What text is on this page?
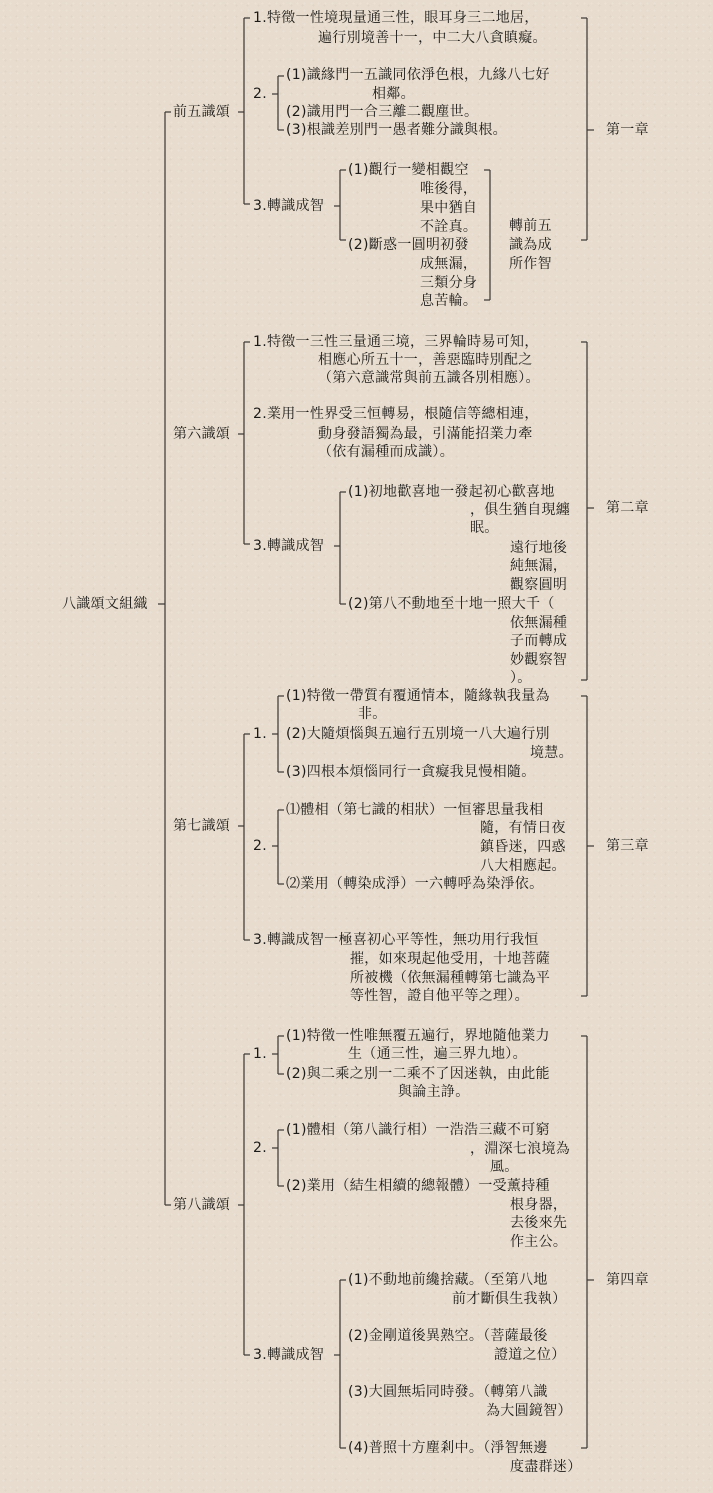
八識頌文組織
第一章
第二章
第三章
第四章
前五識頌
1.特徵一性境現量通三性，眼耳身三二地居，
遍行別境善十一，中二大八貪瞋癡。
2.
(1)識緣門一五識同依淨色根，九緣八七好
相鄰。
(2)識用門一合三離二觀塵世。
(3)根識差別門一愚者難分識與根。
3.轉識成智
(1)觀行一變相觀空
唯後得，
果中猶自
不詮真。
(2)斷惑一圓明初發
成無漏，
三類分身
息苦輪。
轉前五
識為成
所作智
第六識頌
1.特徵一三性三量通三境，三界輪時易可知，
相應心所五十一，善惡臨時別配之
（第六意識常與前五識各別相應）。
2.業用一性界受三恒轉易，根隨信等總相連，
動身發語獨為最，引滿能招業力牽
（依有漏種而成識）。
3.轉識成智
(1)初地歡喜地一發起初心歡喜地
，俱生猶自現纏
眠。
遠行地後
純無漏，
觀察圓明
(2)第八不動地至十地一照大千（
依無漏種
子而轉成
妙觀察智
）。
第七識頌
1.
(1)特徵一帶質有覆通情本，隨緣執我量為
非。
(2)大隨煩惱與五遍行五別境一八大遍行別
境慧。
(3)四根本煩惱同行一貪癡我見慢相隨。
2.
⑴體相（第七識的相狀）一恒審思量我相
隨，有情日夜
鎮昏迷，四惑
八大相應起。
⑵業用（轉染成淨）一六轉呼為染淨依。
3.轉識成智一極喜初心平等性，無功用行我恒
摧，如來現起他受用，十地菩薩
所被機（依無漏種轉第七識為平
等性智，證自他平等之理）。
第八識頌
1.
(1)特徵一性唯無覆五遍行，界地隨他業力
生（通三性，遍三界九地）。
(2)與二乘之別一二乘不了因迷執，由此能
與論主諍。
2.
(1)體相（第八識行相）一浩浩三藏不可窮
，淵深七浪境為
風。
(2)業用（結生相續的總報體）一受薰持種
根身器，
去後來先
作主公。
3.轉識成智
(1)不動地前纔捨藏。（至第八地
前才斷俱生我執）
(2)金剛道後異熟空。（菩薩最後
證道之位）
(3)大圓無垢同時發。（轉第八識
為大圓鏡智）
(4)普照十方塵剎中。（淨智無邊
度盡群迷）
